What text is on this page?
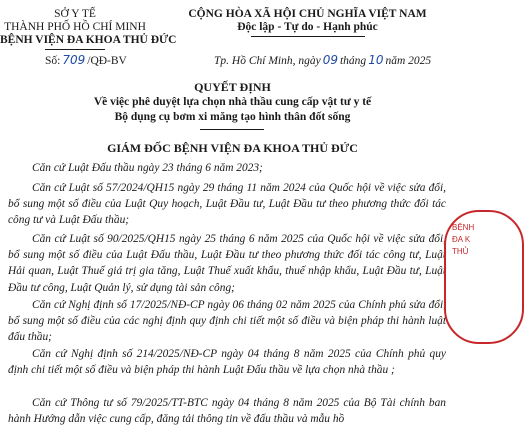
SỞ Y TẾ
THÀNH PHỐ HỒ CHÍ MINH
BỆNH VIỆN ĐA KHOA THỦ ĐỨC
Số: 709 /QĐ-BV
CỘNG HÒA XÃ HỘI CHỦ NGHĨA VIỆT NAM
Độc lập - Tự do - Hạnh phúc
Tp. Hồ Chí Minh, ngày 09 tháng 10 năm 2025
QUYẾT ĐỊNH
Về việc phê duyệt lựa chọn nhà thầu cung cấp vật tư y tế
Bộ dụng cụ bơm xi măng tạo hình thân đốt sống
GIÁM ĐỐC BỆNH VIỆN ĐA KHOA THỦ ĐỨC
Căn cứ Luật Đấu thầu ngày 23 tháng 6 năm 2023;
Căn cứ Luật số 57/2024/QH15 ngày 29 tháng 11 năm 2024 của Quốc hội về việc sửa đổi, bổ sung một số điều của Luật Quy hoạch, Luật Đầu tư, Luật Đầu tư theo phương thức đối tác công tư và Luật Đấu thầu;
Căn cứ Luật số 90/2025/QH15 ngày 25 tháng 6 năm 2025 của Quốc hội về việc sửa đổi, bổ sung một số điều của Luật Đấu thầu, Luật Đầu tư theo phương thức đối tác công tư, Luật Hải quan, Luật Thuế giá trị gia tăng, Luật Thuế xuất khẩu, thuế nhập khẩu, Luật Đầu tư, Luật Đầu tư công, Luật Quản lý, sử dụng tài sản công;
Căn cứ Nghị định số 17/2025/NĐ-CP ngày 06 tháng 02 năm 2025 của Chính phủ sửa đổi, bổ sung một số điều của các nghị định quy định chi tiết một số điều và biện pháp thi hành luật đấu thầu;
Căn cứ Nghị định số 214/2025/NĐ-CP ngày 04 tháng 8 năm 2025 của Chính phủ quy định chi tiết một số điều và biện pháp thi hành Luật Đấu thầu về lựa chọn nhà thầu ;
Căn cứ Thông tư số 79/2025/TT-BTC ngày 04 tháng 8 năm 2025 của Bộ Tài chính ban hành Hướng dẫn việc cung cấp, đăng tải thông tin về đấu thầu và mẫu hồ
BỆNH
ĐA K
THỦ
